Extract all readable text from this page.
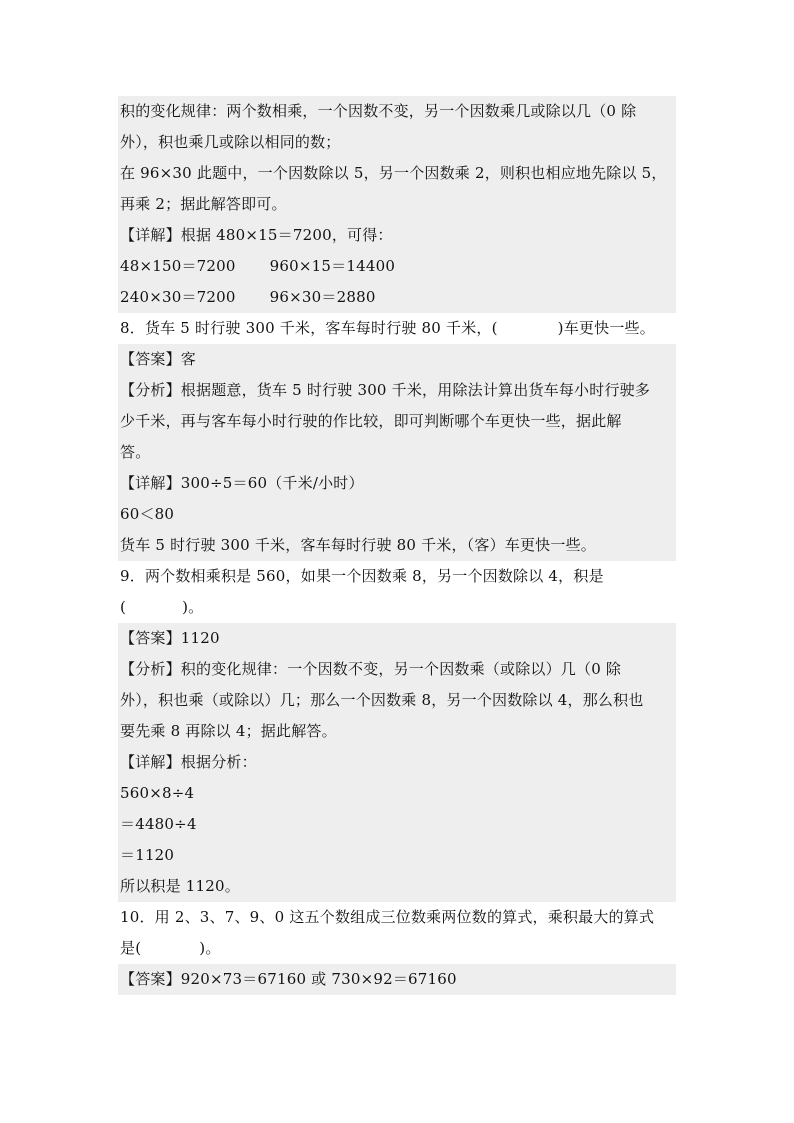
积的变化规律：两个数相乘，一个因数不变，另一个因数乘几或除以几（0 除
外），积也乘几或除以相同的数；
在 96×30 此题中，一个因数除以 5，另一个因数乘 2，则积也相应地先除以 5，
再乘 2；据此解答即可。
【详解】根据 480×15＝7200，可得：
48×150＝7200 960×15＝14400
240×30＝7200 96×30＝2880
8．货车 5 时行驶 300 千米，客车每时行驶 80 千米，(	)车更快一些。
【答案】客
【分析】根据题意，货车 5 时行驶 300 千米，用除法计算出货车每小时行驶多
少千米，再与客车每小时行驶的作比较，即可判断哪个车更快一些，据此解
答。
【详解】300÷5＝60（千米/小时）
60＜80
货车 5 时行驶 300 千米，客车每时行驶 80 千米，（客）车更快一些。
9．两个数相乘积是 560，如果一个因数乘 8，另一个因数除以 4，积是
(	)。
【答案】1120
【分析】积的变化规律：一个因数不变，另一个因数乘（或除以）几（0 除
外），积也乘（或除以）几；那么一个因数乘 8，另一个因数除以 4，那么积也
要先乘 8 再除以 4；据此解答。
【详解】根据分析：
560×8÷4
＝4480÷4
＝1120
所以积是 1120。
10．用 2、3、7、9、0 这五个数组成三位数乘两位数的算式，乘积最大的算式
是(	)。
【答案】920×73＝67160 或 730×92＝67160
